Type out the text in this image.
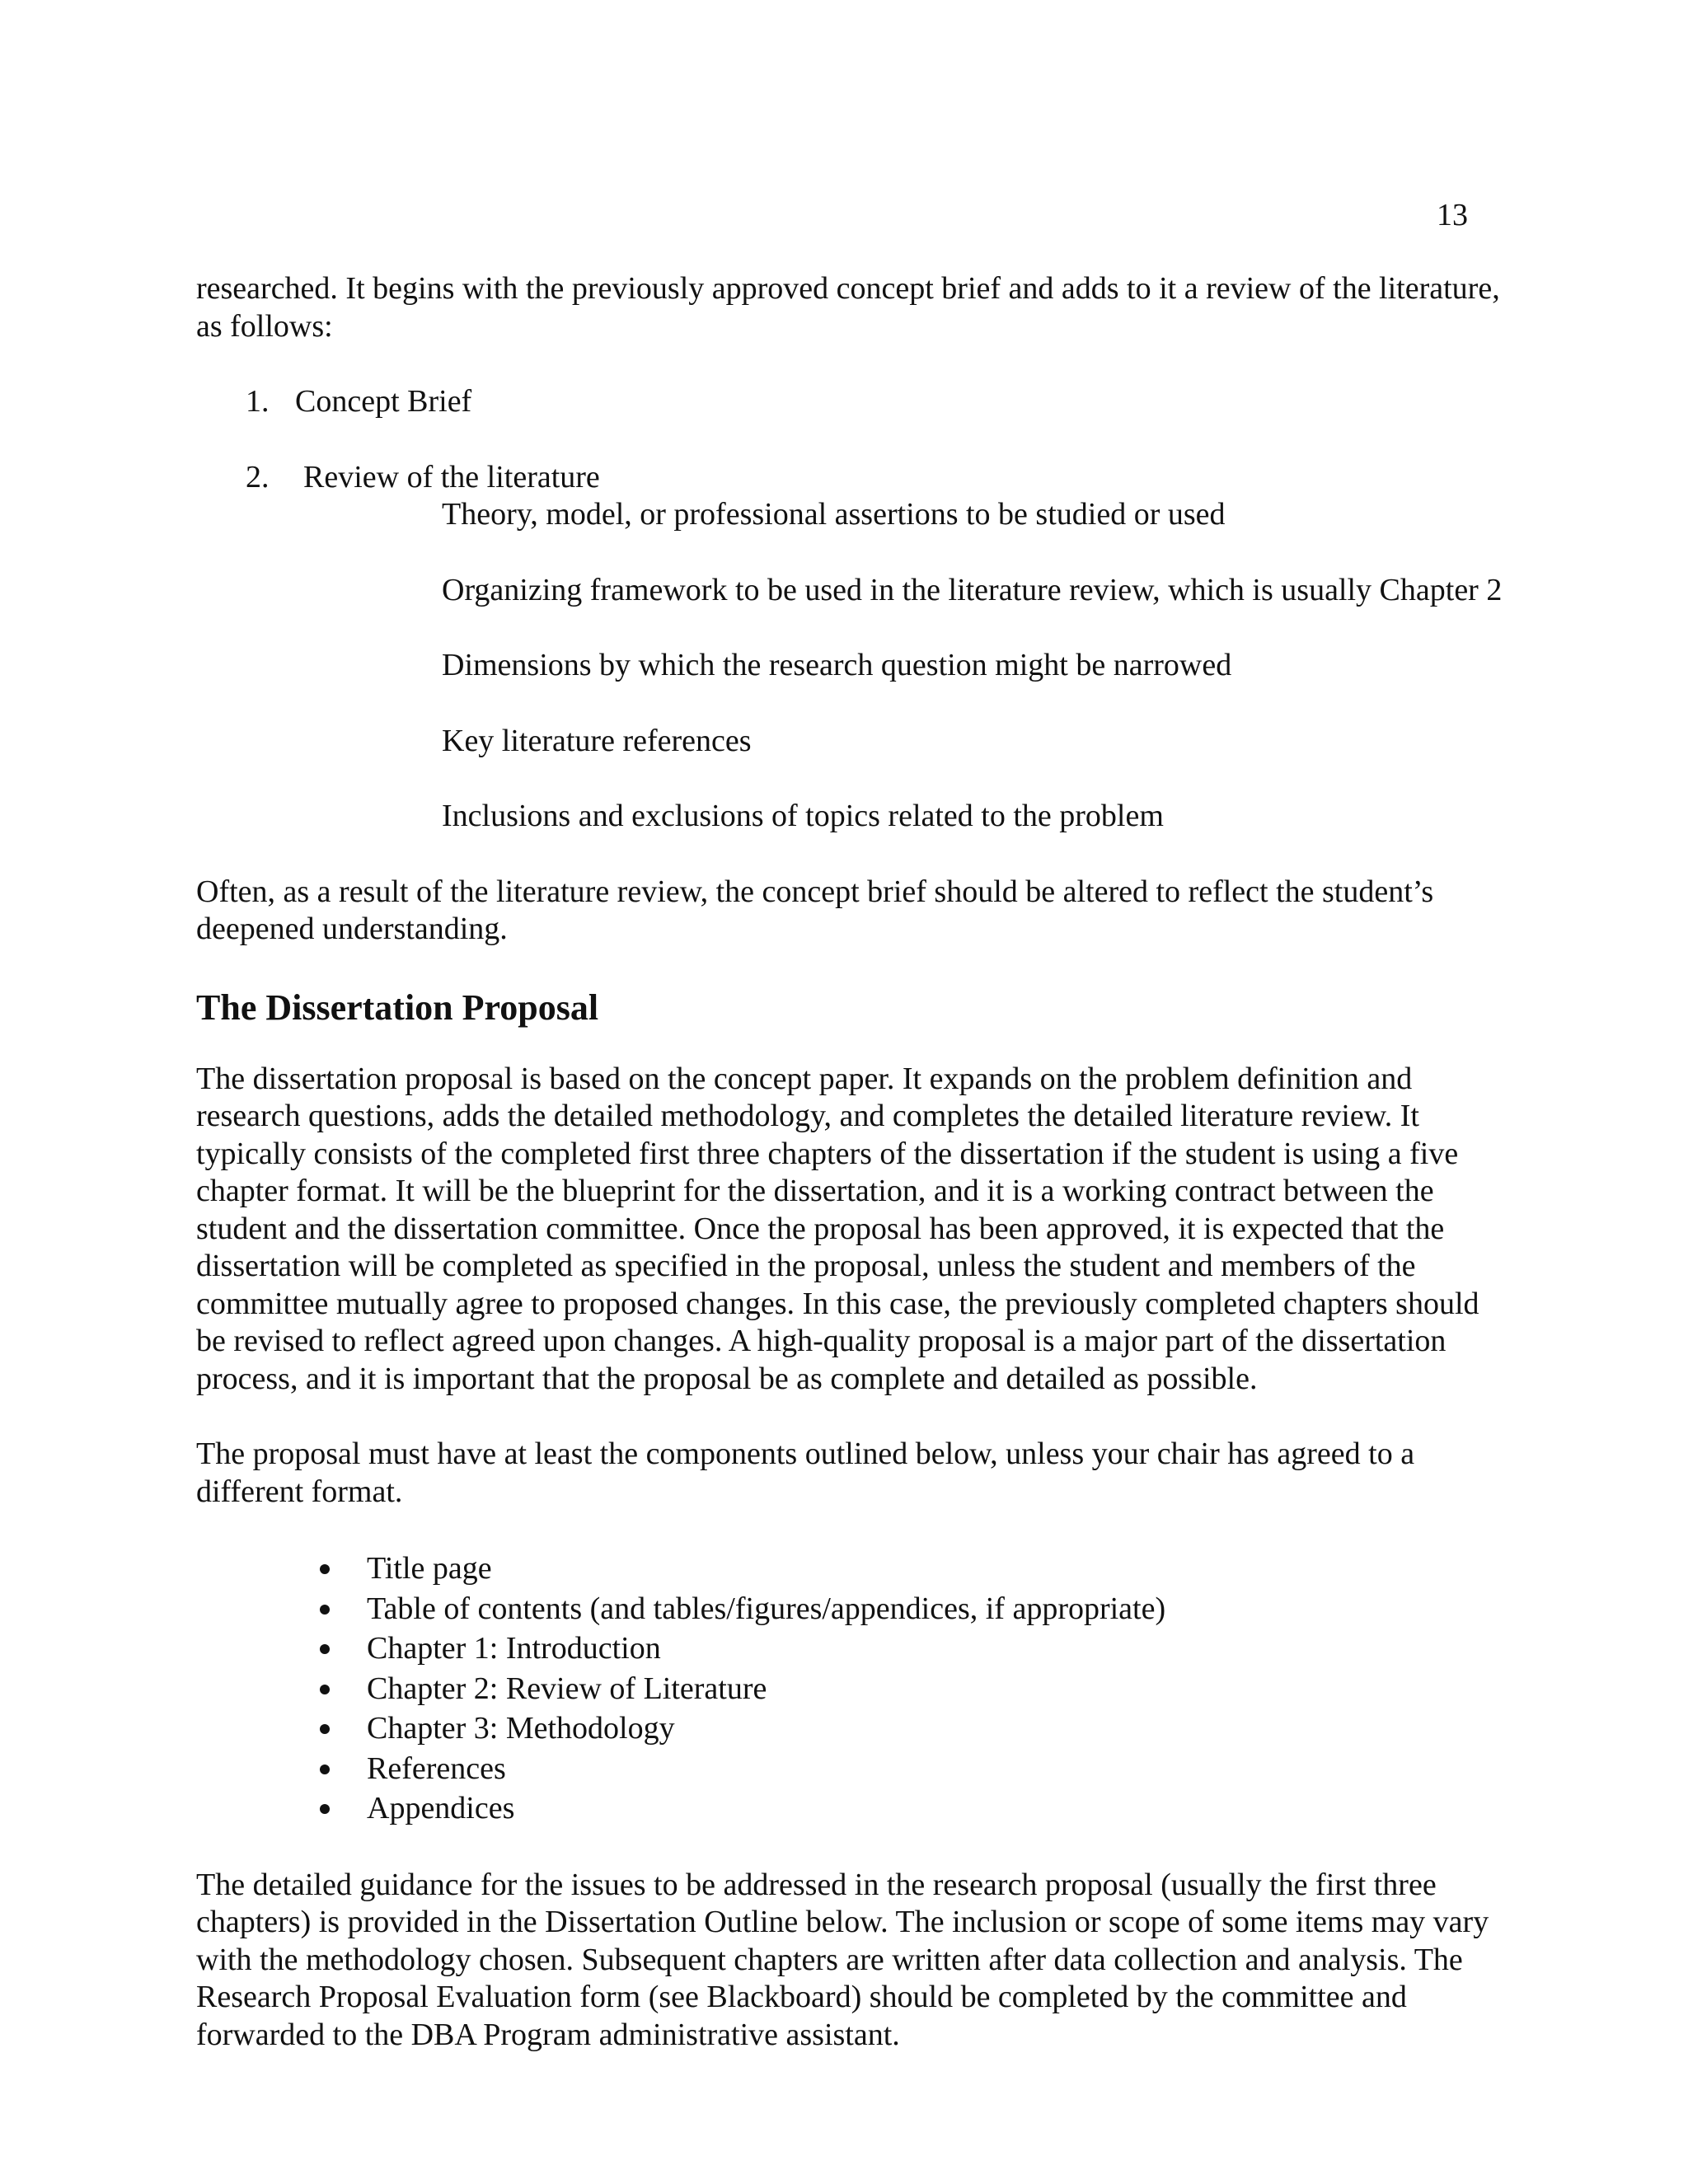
13

researched. It begins with the previously approved concept brief and adds to it a review of the literature, as follows:

1. Concept Brief
2. Review of the literature
Theory, model, or professional assertions to be studied or used
Organizing framework to be used in the literature review, which is usually Chapter 2
Dimensions by which the research question might be narrowed
Key literature references
Inclusions and exclusions of topics related to the problem

Often, as a result of the literature review, the concept brief should be altered to reflect the student’s deepened understanding.

The Dissertation Proposal

The dissertation proposal is based on the concept paper. It expands on the problem definition and research questions, adds the detailed methodology, and completes the detailed literature review. It typically consists of the completed first three chapters of the dissertation if the student is using a five chapter format. It will be the blueprint for the dissertation, and it is a working contract between the student and the dissertation committee. Once the proposal has been approved, it is expected that the dissertation will be completed as specified in the proposal, unless the student and members of the committee mutually agree to proposed changes. In this case, the previously completed chapters should be revised to reflect agreed upon changes. A high-quality proposal is a major part of the dissertation process, and it is important that the proposal be as complete and detailed as possible.

The proposal must have at least the components outlined below, unless your chair has agreed to a different format.

Title page
Table of contents (and tables/figures/appendices, if appropriate)
Chapter 1: Introduction
Chapter 2: Review of Literature
Chapter 3: Methodology
References
Appendices

The detailed guidance for the issues to be addressed in the research proposal (usually the first three chapters) is provided in the Dissertation Outline below. The inclusion or scope of some items may vary with the methodology chosen. Subsequent chapters are written after data collection and analysis. The Research Proposal Evaluation form (see Blackboard) should be completed by the committee and forwarded to the DBA Program administrative assistant.
